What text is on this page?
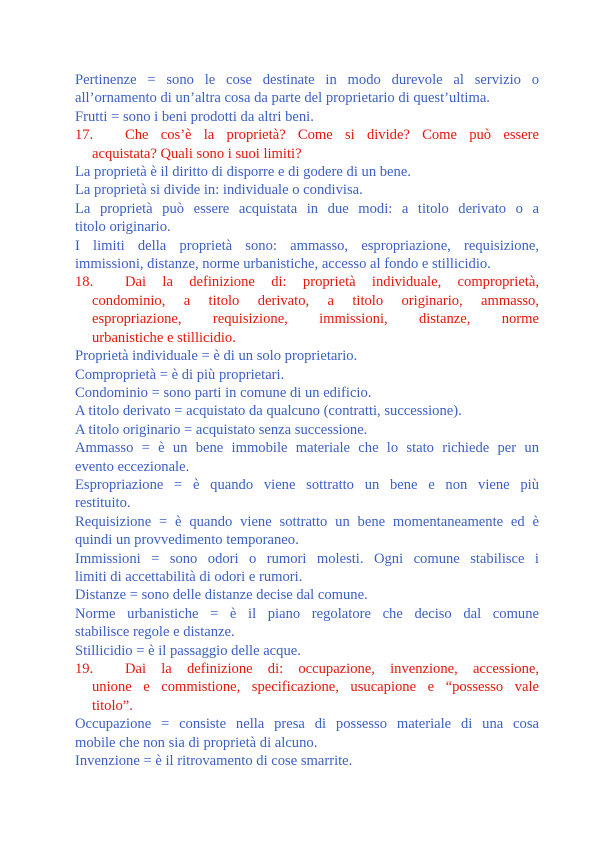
Pertinenze = sono le cose destinate in modo durevole al servizio o
all’ornamento di un’altra cosa da parte del proprietario di quest’ultima.
Frutti = sono i beni prodotti da altri beni.
17.	Che cos’è la proprietà? Come si divide? Come può essere
acquistata? Quali sono i suoi limiti?
La proprietà è il diritto di disporre e di godere di un bene.
La proprietà si divide in: individuale o condivisa.
La proprietà può essere acquistata in due modi: a titolo derivato o a
titolo originario.
I limiti della proprietà sono: ammasso, espropriazione, requisizione,
immissioni, distanze, norme urbanistiche, accesso al fondo e stillicidio.
18.	Dai la definizione di: proprietà individuale, comproprietà,
condominio, a titolo derivato, a titolo originario, ammasso,
espropriazione, requisizione, immissioni, distanze, norme
urbanistiche e stillicidio.
Proprietà individuale = è di un solo proprietario.
Comproprietà = è di più proprietari.
Condominio = sono parti in comune di un edificio.
A titolo derivato = acquistato da qualcuno (contratti, successione).
A titolo originario = acquistato senza successione.
Ammasso = è un bene immobile materiale che lo stato richiede per un
evento eccezionale.
Espropriazione = è quando viene sottratto un bene e non viene più
restituito.
Requisizione = è quando viene sottratto un bene momentaneamente ed è
quindi un provvedimento temporaneo.
Immissioni = sono odori o rumori molesti. Ogni comune stabilisce i
limiti di accettabilità di odori e rumori.
Distanze = sono delle distanze decise dal comune.
Norme urbanistiche = è il piano regolatore che deciso dal comune
stabilisce regole e distanze.
Stillicidio = è il passaggio delle acque.
19.	Dai la definizione di: occupazione, invenzione, accessione,
unione e commistione, specificazione, usucapione e “possesso vale
titolo”.
Occupazione = consiste nella presa di possesso materiale di una cosa
mobile che non sia di proprietà di alcuno.
Invenzione = è il ritrovamento di cose smarrite.
